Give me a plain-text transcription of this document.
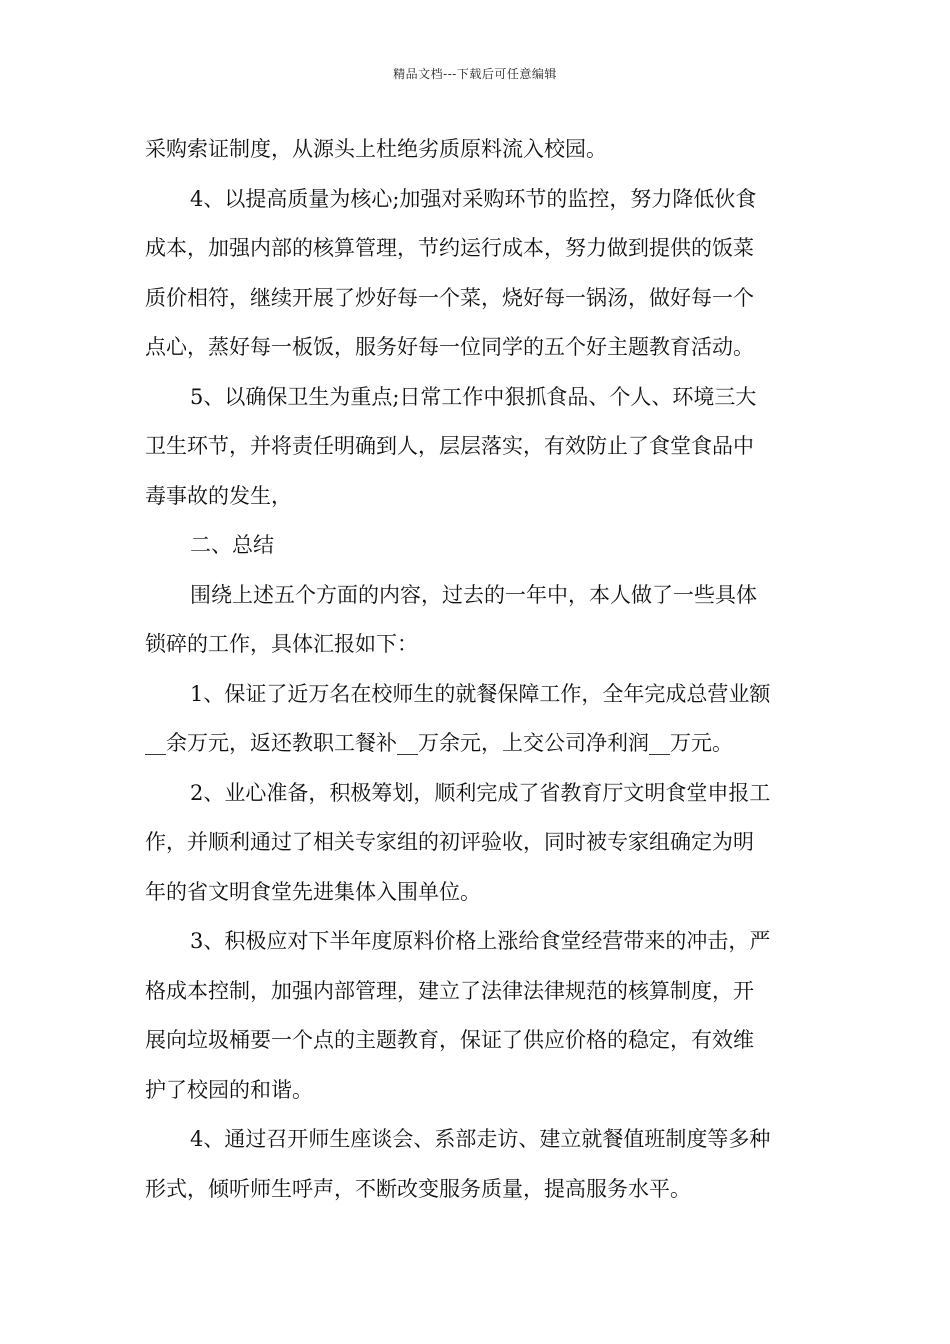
精品文档---下载后可任意编辑
采购索证制度，从源头上杜绝劣质原料流入校园。
4、以提高质量为核心;加强对采购环节的监控，努力降低伙食
成本，加强内部的核算管理，节约运行成本，努力做到提供的饭菜
质价相符，继续开展了炒好每一个菜，烧好每一锅汤，做好每一个
点心，蒸好每一板饭，服务好每一位同学的五个好主题教育活动。
5、以确保卫生为重点;日常工作中狠抓食品、个人、环境三大
卫生环节，并将责任明确到人，层层落实，有效防止了食堂食品中
毒事故的发生，
二、总结
围绕上述五个方面的内容，过去的一年中，本人做了一些具体
锁碎的工作，具体汇报如下：
1、保证了近万名在校师生的就餐保障工作，全年完成总营业额
__余万元，返还教职工餐补__万余元，上交公司净利润__万元。
2、业心准备，积极筹划，顺利完成了省教育厅文明食堂申报工
作，并顺利通过了相关专家组的初评验收，同时被专家组确定为明
年的省文明食堂先进集体入围单位。
3、积极应对下半年度原料价格上涨给食堂经营带来的冲击，严
格成本控制，加强内部管理，建立了法律法律规范的核算制度，开
展向垃圾桶要一个点的主题教育，保证了供应价格的稳定，有效维
护了校园的和谐。
4、通过召开师生座谈会、系部走访、建立就餐值班制度等多种
形式，倾听师生呼声，不断改变服务质量，提高服务水平。
